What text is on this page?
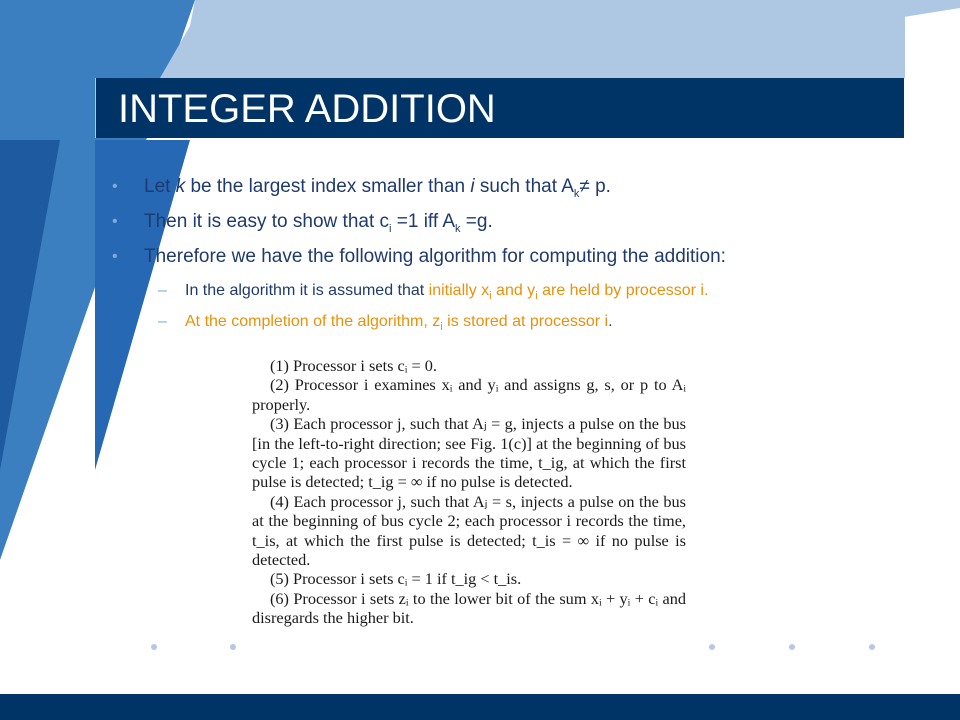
INTEGER ADDITION
• Let k be the largest index smaller than i such that $A_k\ne p$.
• Then it is easy to show that $c_i =1$ iff $A_k =g$.
• Therefore we have the following algorithm for computing the addition:
– In the algorithm it is assumed that initially $x_i$ and $y_i$ are held by processor i.
– At the completion of the algorithm, $z_i$ is stored at processor i.

(1) Processor i sets cᵢ = 0.

(2) Processor i examines xᵢ and yᵢ and assigns g, s, or p to Aᵢ properly.

(3) Each processor j, such that Aⱼ = g, injects a pulse on the bus [in the left-to-right direction; see Fig. 1(c)] at the beginning of bus cycle 1; each processor i records the time, t_ig, at which the first pulse is detected; t_ig = ∞ if no pulse is detected.

(4) Each processor j, such that Aⱼ = s, injects a pulse on the bus at the beginning of bus cycle 2; each processor i records the time, t_is, at which the first pulse is detected; t_is = ∞ if no pulse is detected.

(5) Processor i sets cᵢ = 1 if t_ig < t_is.

(6) Processor i sets zᵢ to the lower bit of the sum xᵢ + yᵢ + cᵢ and disregards the higher bit.
